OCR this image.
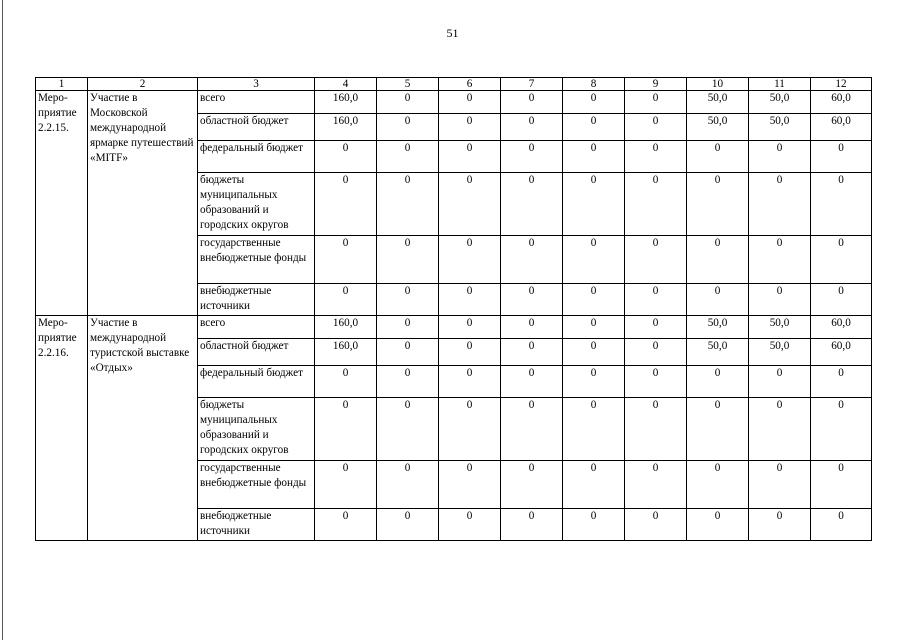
51
1	2	3	4	5	6	7	8	9	10	11	12
Меро-приятие 2.2.15.	Участие в Московской международной ярмарке путешествий «MITF»	всего	160,0	0	0	0	0	0	50,0	50,0	60,0
		областной бюджет	160,0	0	0	0	0	0	50,0	50,0	60,0
		федеральный бюджет	0	0	0	0	0	0	0	0	0
		бюджеты муниципальных образований и городских округов	0	0	0	0	0	0	0	0	0
		государственные внебюджетные фонды	0	0	0	0	0	0	0	0	0
		внебюджетные источники	0	0	0	0	0	0	0	0	0
Меро-приятие 2.2.16.	Участие в международной туристской выставке «Отдых»	всего	160,0	0	0	0	0	0	50,0	50,0	60,0
		областной бюджет	160,0	0	0	0	0	0	50,0	50,0	60,0
		федеральный бюджет	0	0	0	0	0	0	0	0	0
		бюджеты муниципальных образований и городских округов	0	0	0	0	0	0	0	0	0
		государственные внебюджетные фонды	0	0	0	0	0	0	0	0	0
		внебюджетные источники	0	0	0	0	0	0	0	0	0
